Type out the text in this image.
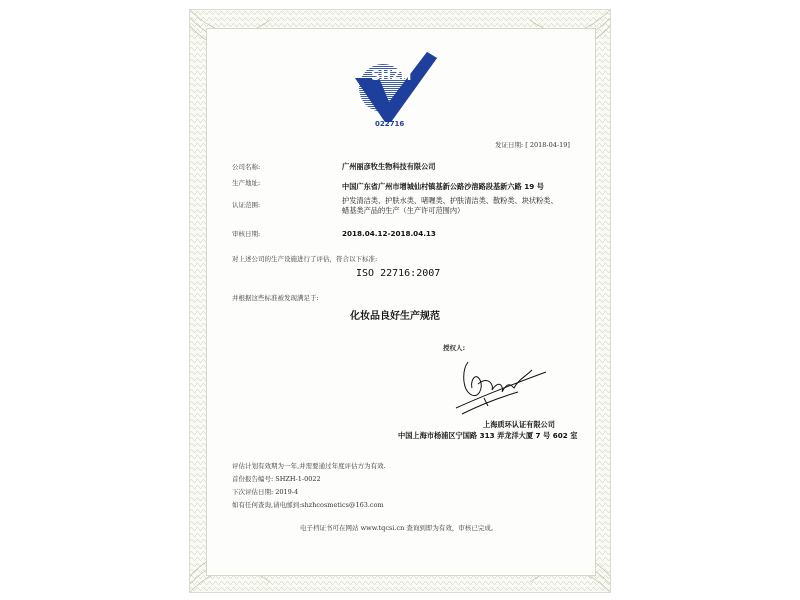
SHZH
022716
发证日期: [ 2018-04-19]
公司名称:	广州丽彦牧生物科技有限公司
生产地址:	中国广东省广州市增城仙村镇基新公路沙溶路段基新六路 19 号
认证范围:	护发清洁类、护肤水类、啫喱类、护肤清洁类、散粉类、块状粉类、
蜡基类产品的生产（生产许可范围内）
审核日期:	2018.04.12-2018.04.13
对上述公司的生产设施进行了评估，符合以下标准:
ISO 22716:2007
并根据这些标准被发现满足于:
化妆品良好生产规范
授权人:
上海质环认证有限公司
中国上海市杨浦区宁国路 313 弄龙洋大厦 7 号 602 室
评估计划有效期为一年,并需要通过年度评估方为有效.
首份报告编号: SHZH-1-0022
下次评估日期: 2019-4
如有任何查询,请电邮到:shzhcosmetics@163.com
电子档证书可在网站 www.tqcsi.cn 查询到即为有效，审核已完成。
